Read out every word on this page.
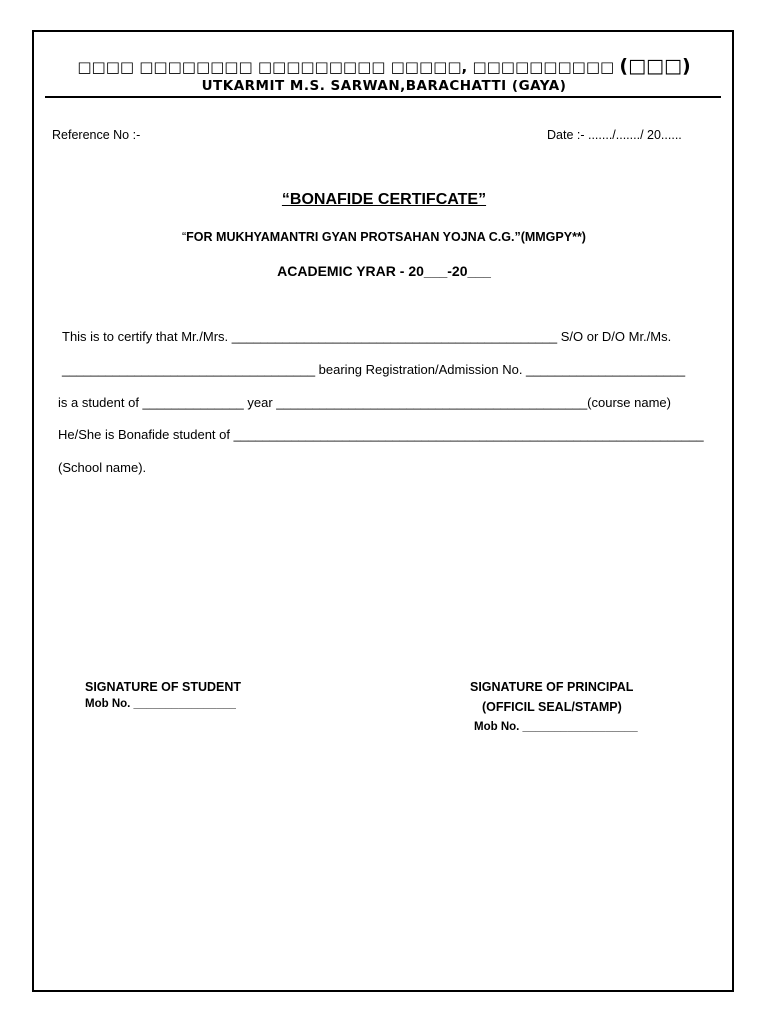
□□□□ □□□□□□□□ □□□□□□□□□ □□□□□, □□□□□□□□□□ (□□□)
UTKARMIT M.S. SARWAN,BARACHATTI (GAYA)
Reference No :-	Date :- ......./......./ 20......
“BONAFIDE CERTIFCATE”
“FOR MUKHYAMANTRI GYAN PROTSAHAN YOJNA C.G.”(MMGPY**)
ACADEMIC YRAR - 20___-20___
This is to certify that Mr./Mrs. _____________________________________________ S/O or D/O Mr./Ms.
___________________________________ bearing Registration/Admission No. ______________________
is a student of ______________ year ___________________________________________(course name)
He/She is Bonafide student of _________________________________________________________________
(School name).
SIGNATURE OF STUDENT
Mob No. ________________
SIGNATURE OF PRINCIPAL
(OFFICIL SEAL/STAMP)
Mob No. __________________
